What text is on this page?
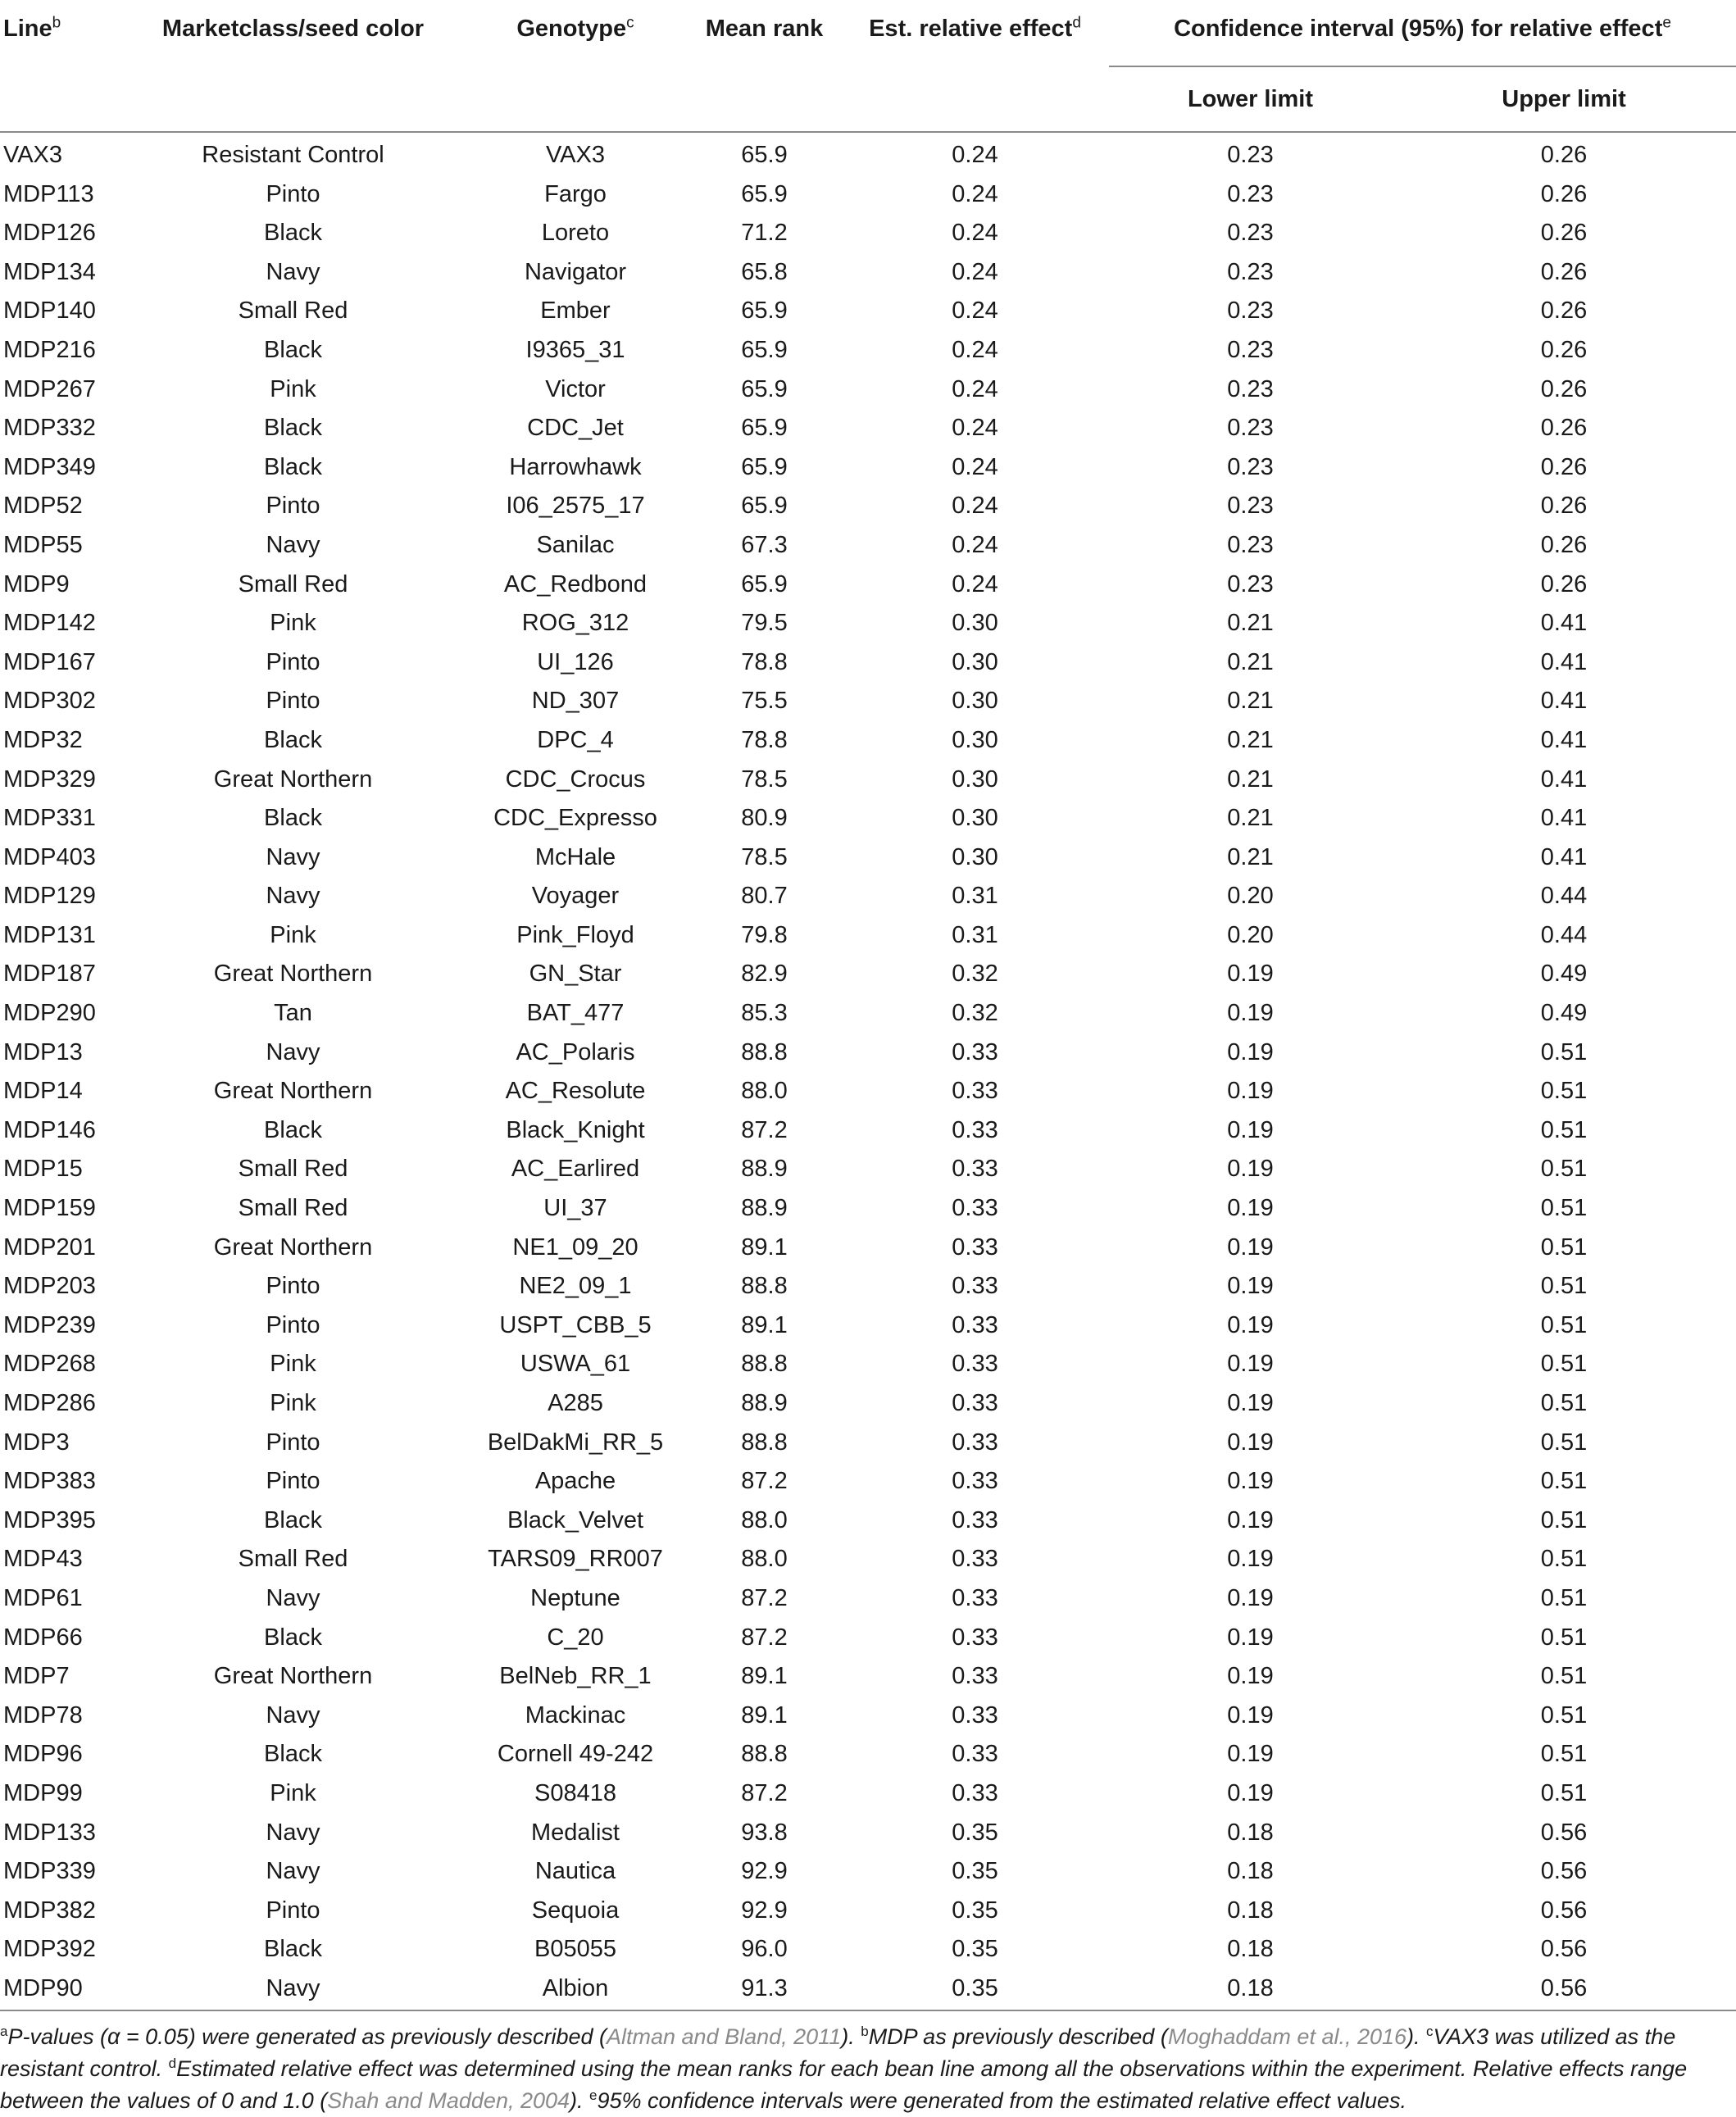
Line$^b$	Marketclass/seed color	Genotype$^c$	Mean rank	Est. relative effect$^d$	Confidence interval (95%) for relative effect$^e$
					Lower limit	Upper limit
VAX3	Resistant Control	VAX3	65.9	0.24	0.23	0.26
MDP113	Pinto	Fargo	65.9	0.24	0.23	0.26
MDP126	Black	Loreto	71.2	0.24	0.23	0.26
MDP134	Navy	Navigator	65.8	0.24	0.23	0.26
MDP140	Small Red	Ember	65.9	0.24	0.23	0.26
MDP216	Black	I9365_31	65.9	0.24	0.23	0.26
MDP267	Pink	Victor	65.9	0.24	0.23	0.26
MDP332	Black	CDC_Jet	65.9	0.24	0.23	0.26
MDP349	Black	Harrowhawk	65.9	0.24	0.23	0.26
MDP52	Pinto	I06_2575_17	65.9	0.24	0.23	0.26
MDP55	Navy	Sanilac	67.3	0.24	0.23	0.26
MDP9	Small Red	AC_Redbond	65.9	0.24	0.23	0.26
MDP142	Pink	ROG_312	79.5	0.30	0.21	0.41
MDP167	Pinto	UI_126	78.8	0.30	0.21	0.41
MDP302	Pinto	ND_307	75.5	0.30	0.21	0.41
MDP32	Black	DPC_4	78.8	0.30	0.21	0.41
MDP329	Great Northern	CDC_Crocus	78.5	0.30	0.21	0.41
MDP331	Black	CDC_Expresso	80.9	0.30	0.21	0.41
MDP403	Navy	McHale	78.5	0.30	0.21	0.41
MDP129	Navy	Voyager	80.7	0.31	0.20	0.44
MDP131	Pink	Pink_Floyd	79.8	0.31	0.20	0.44
MDP187	Great Northern	GN_Star	82.9	0.32	0.19	0.49
MDP290	Tan	BAT_477	85.3	0.32	0.19	0.49
MDP13	Navy	AC_Polaris	88.8	0.33	0.19	0.51
MDP14	Great Northern	AC_Resolute	88.0	0.33	0.19	0.51
MDP146	Black	Black_Knight	87.2	0.33	0.19	0.51
MDP15	Small Red	AC_Earlired	88.9	0.33	0.19	0.51
MDP159	Small Red	UI_37	88.9	0.33	0.19	0.51
MDP201	Great Northern	NE1_09_20	89.1	0.33	0.19	0.51
MDP203	Pinto	NE2_09_1	88.8	0.33	0.19	0.51
MDP239	Pinto	USPT_CBB_5	89.1	0.33	0.19	0.51
MDP268	Pink	USWA_61	88.8	0.33	0.19	0.51
MDP286	Pink	A285	88.9	0.33	0.19	0.51
MDP3	Pinto	BelDakMi_RR_5	88.8	0.33	0.19	0.51
MDP383	Pinto	Apache	87.2	0.33	0.19	0.51
MDP395	Black	Black_Velvet	88.0	0.33	0.19	0.51
MDP43	Small Red	TARS09_RR007	88.0	0.33	0.19	0.51
MDP61	Navy	Neptune	87.2	0.33	0.19	0.51
MDP66	Black	C_20	87.2	0.33	0.19	0.51
MDP7	Great Northern	BelNeb_RR_1	89.1	0.33	0.19	0.51
MDP78	Navy	Mackinac	89.1	0.33	0.19	0.51
MDP96	Black	Cornell 49-242	88.8	0.33	0.19	0.51
MDP99	Pink	S08418	87.2	0.33	0.19	0.51
MDP133	Navy	Medalist	93.8	0.35	0.18	0.56
MDP339	Navy	Nautica	92.9	0.35	0.18	0.56
MDP382	Pinto	Sequoia	92.9	0.35	0.18	0.56
MDP392	Black	B05055	96.0	0.35	0.18	0.56
MDP90	Navy	Albion	91.3	0.35	0.18	0.56
$^a$P-values (α = 0.05) were generated as previously described (Altman and Bland, 2011). $^b$MDP as previously described (Moghaddam et al., 2016). $^c$VAX3 was utilized as the resistant control. $^d$Estimated relative effect was determined using the mean ranks for each bean line among all the observations within the experiment. Relative effects range between the values of 0 and 1.0 (Shah and Madden, 2004). $^e$95% confidence intervals were generated from the estimated relative effect values.
